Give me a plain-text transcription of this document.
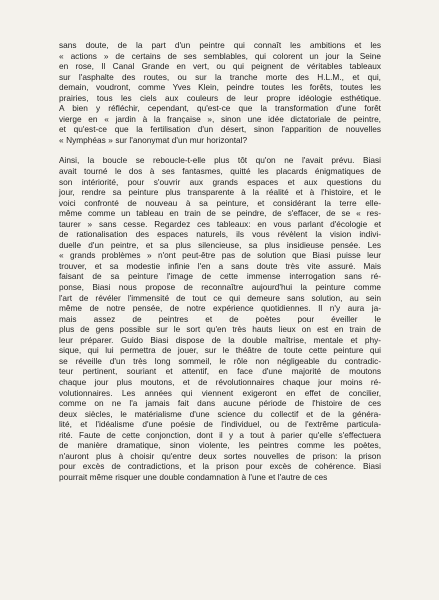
sans doute, de la part d'un peintre qui connaît les ambitions et les
« actions » de certains de ses semblables, qui colorent un jour la Seine
en rose, Il Canal Grande en vert, ou qui peignent de véritables tableaux
sur l'asphalte des routes, ou sur la tranche morte des H.L.M., et qui,
demain, voudront, comme Yves Klein, peindre toutes les forêts, toutes les
prairies, tous les ciels aux couleurs de leur propre idéologie esthétique.
A bien y réfléchir, cependant, qu'est-ce que la transformation d'une forêt
vierge en « jardin à la française », sinon une idée dictatoriale de peintre,
et qu'est-ce que la fertilisation d'un désert, sinon l'apparition de nouvelles
« Nymphéas » sur l'anonymat d'un mur horizontal?

Ainsi, la boucle se reboucle-t-elle plus tôt qu'on ne l'avait prévu. Biasi
avait tourné le dos à ses fantasmes, quitté les placards énigmatiques de
son intériorité, pour s'ouvrir aux grands espaces et aux questions du
jour, rendre sa peinture plus transparente à la réalité et à l'histoire, et le
voici confronté de nouveau à sa peinture, et considérant la terre elle-
même comme un tableau en train de se peindre, de s'effacer, de se « res-
taurer » sans cesse. Regardez ces tableaux: en vous parlant d'écologie et
de rationalisation des espaces naturels, ils vous révèlent la vision indivi-
duelle d'un peintre, et sa plus silencieuse, sa plus insidieuse pensée. Les
« grands problèmes » n'ont peut-être pas de solution que Biasi puisse leur
trouver, et sa modestie infinie l'en a sans doute très vite assuré. Mais
faisant de sa peinture l'image de cette immense interrogation sans ré-
ponse, Biasi nous propose de reconnaître aujourd'hui la peinture comme
l'art de révéler l'immensité de tout ce qui demeure sans solution, au sein
même de notre pensée, de notre expérience quotidiennes. Il n'y aura ja-
mais assez de peintres et de poètes pour éveiller le
plus de gens possible sur le sort qu'en très hauts lieux on est en train de
leur préparer. Guido Biasi dispose de la double maîtrise, mentale et phy-
sique, qui lui permettra de jouer, sur le théâtre de toute cette peinture qui
se réveille d'un très long sommeil, le rôle non négligeable du contradic-
teur pertinent, souriant et attentif, en face d'une majorité de moutons
chaque jour plus moutons, et de révolutionnaires chaque jour moins ré-
volutionnaires. Les années qui viennent exigeront en effet de concilier,
comme on ne l'a jamais fait dans aucune période de l'histoire de ces
deux siècles, le matérialisme d'une science du collectif et de la généra-
lité, et l'idéalisme d'une poésie de l'individuel, ou de l'extrême particula-
rité. Faute de cette conjonction, dont il y a tout à parier qu'elle s'effectuera
de manière dramatique, sinon violente, les peintres comme les poètes,
n'auront plus à choisir qu'entre deux sortes nouvelles de prison: la prison
pour excès de contradictions, et la prison pour excès de cohérence. Biasi
pourrait même risquer une double condamnation à l'une et l'autre de ces
